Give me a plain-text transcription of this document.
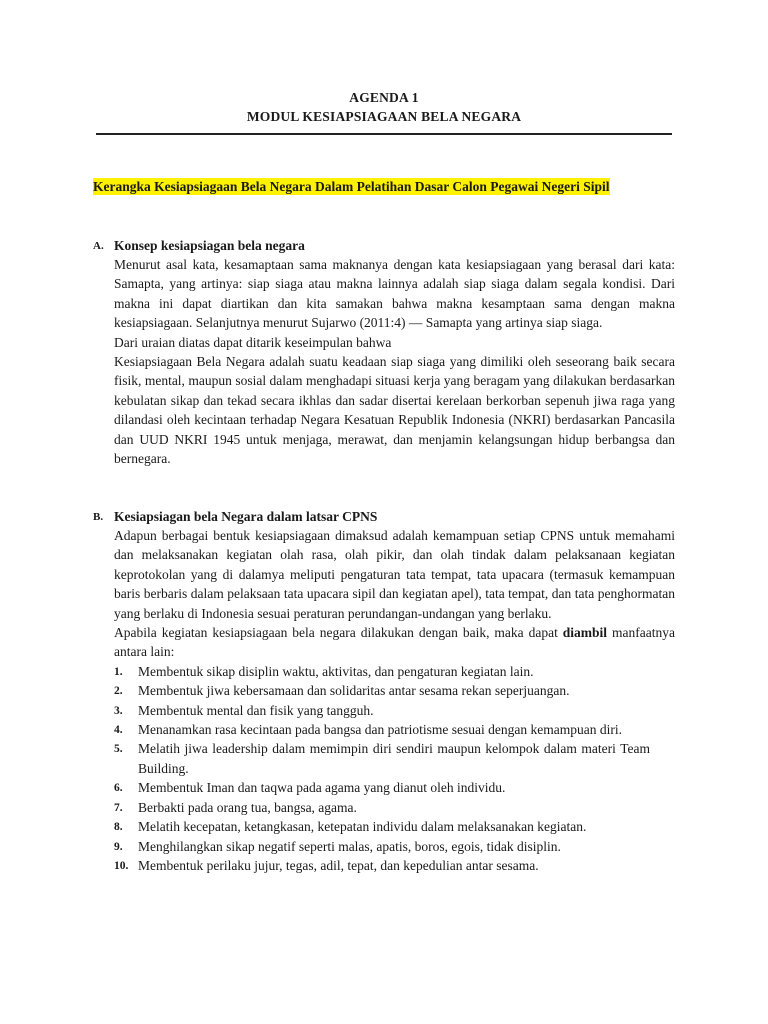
AGENDA 1
MODUL KESIAPSIAGAAN BELA NEGARA
Kerangka Kesiapsiagaan Bela Negara Dalam Pelatihan Dasar Calon Pegawai Negeri Sipil
A. Konsep kesiapsiagan bela negara
Menurut asal kata, kesamaptaan sama maknanya dengan kata kesiapsiagaan yang berasal dari kata: Samapta, yang artinya: siap siaga atau makna lainnya adalah siap siaga dalam segala kondisi. Dari makna ini dapat diartikan dan kita samakan bahwa makna kesamptaan sama dengan makna kesiapsiagaan. Selanjutnya menurut Sujarwo (2011:4) — Samapta yang artinya siap siaga.
Dari uraian diatas dapat ditarik keseimpulan bahwa
Kesiapsiagaan Bela Negara adalah suatu keadaan siap siaga yang dimiliki oleh seseorang baik secara fisik, mental, maupun sosial dalam menghadapi situasi kerja yang beragam yang dilakukan berdasarkan kebulatan sikap dan tekad secara ikhlas dan sadar disertai kerelaan berkorban sepenuh jiwa raga yang dilandasi oleh kecintaan terhadap Negara Kesatuan Republik Indonesia (NKRI) berdasarkan Pancasila dan UUD NKRI 1945 untuk menjaga, merawat, dan menjamin kelangsungan hidup berbangsa dan bernegara.
B. Kesiapsiagan bela Negara dalam latsar CPNS
Adapun berbagai bentuk kesiapsiagaan dimaksud adalah kemampuan setiap CPNS untuk memahami dan melaksanakan kegiatan olah rasa, olah pikir, dan olah tindak dalam pelaksanaan kegiatan keprotokolan yang di dalamya meliputi pengaturan tata tempat, tata upacara (termasuk kemampuan baris berbaris dalam pelaksaan tata upacara sipil dan kegiatan apel), tata tempat, dan tata penghormatan yang berlaku di Indonesia sesuai peraturan perundangan-undangan yang berlaku.
Apabila kegiatan kesiapsiagaan bela negara dilakukan dengan baik, maka dapat diambil manfaatnya antara lain:
1. Membentuk sikap disiplin waktu, aktivitas, dan pengaturan kegiatan lain.
2. Membentuk jiwa kebersamaan dan solidaritas antar sesama rekan seperjuangan.
3. Membentuk mental dan fisik yang tangguh.
4. Menanamkan rasa kecintaan pada bangsa dan patriotisme sesuai dengan kemampuan diri.
5. Melatih jiwa leadership dalam memimpin diri sendiri maupun kelompok dalam materi Team Building.
6. Membentuk Iman dan taqwa pada agama yang dianut oleh individu.
7. Berbakti pada orang tua, bangsa, agama.
8. Melatih kecepatan, ketangkasan, ketepatan individu dalam melaksanakan kegiatan.
9. Menghilangkan sikap negatif seperti malas, apatis, boros, egois, tidak disiplin.
10. Membentuk perilaku jujur, tegas, adil, tepat, dan kepedulian antar sesama.
